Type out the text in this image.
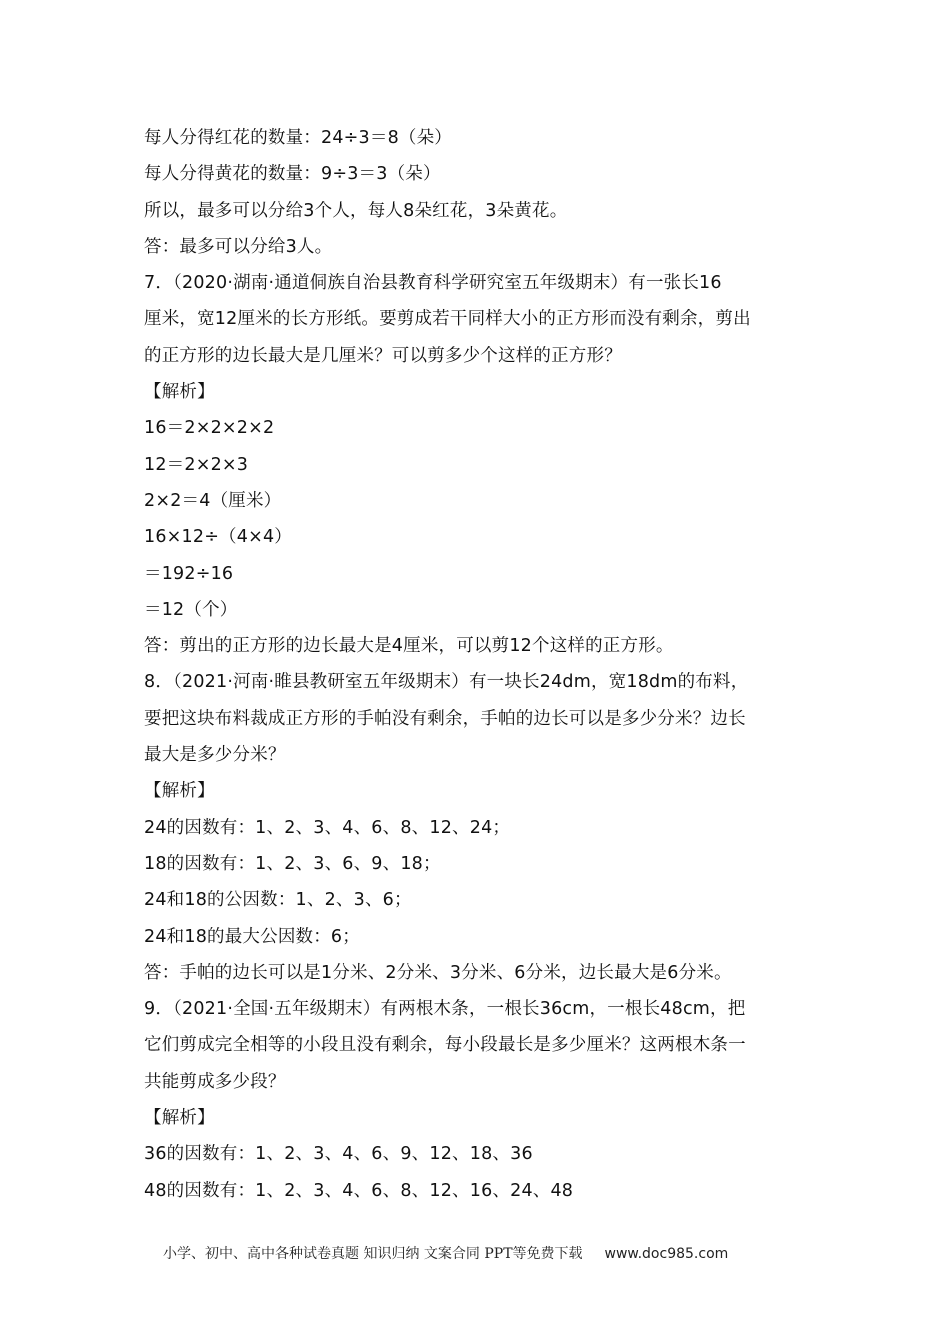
每人分得红花的数量：24÷3＝8（朵）
每人分得黄花的数量：9÷3＝3（朵）
所以，最多可以分给3个人，每人8朵红花，3朵黄花。
答：最多可以分给3人。
7．（2020·湖南·通道侗族自治县教育科学研究室五年级期末）有一张长16
厘米，宽12厘米的长方形纸。要剪成若干同样大小的正方形而没有剩余，剪出
的正方形的边长最大是几厘米？可以剪多少个这样的正方形？
【解析】
16＝2×2×2×2
12＝2×2×3
2×2＝4（厘米）
16×12÷（4×4）
＝192÷16
＝12（个）
答：剪出的正方形的边长最大是4厘米，可以剪12个这样的正方形。
8．（2021·河南·睢县教研室五年级期末）有一块长24dm，宽18dm的布料，
要把这块布料裁成正方形的手帕没有剩余，手帕的边长可以是多少分米？边长
最大是多少分米？
【解析】
24的因数有：1、2、3、4、6、8、12、24；
18的因数有：1、2、3、6、9、18；
24和18的公因数：1、2、3、6；
24和18的最大公因数：6；
答：手帕的边长可以是1分米、2分米、3分米、6分米，边长最大是6分米。
9．（2021·全国·五年级期末）有两根木条，一根长36cm，一根长48cm，把
它们剪成完全相等的小段且没有剩余，每小段最长是多少厘米？这两根木条一
共能剪成多少段？
【解析】
36的因数有：1、2、3、4、6、9、12、18、36
48的因数有：1、2、3、4、6、8、12、16、24、48
小学、初中、高中各种试卷真题 知识归纳 文案合同 PPT等免费下载 www.doc985.com
